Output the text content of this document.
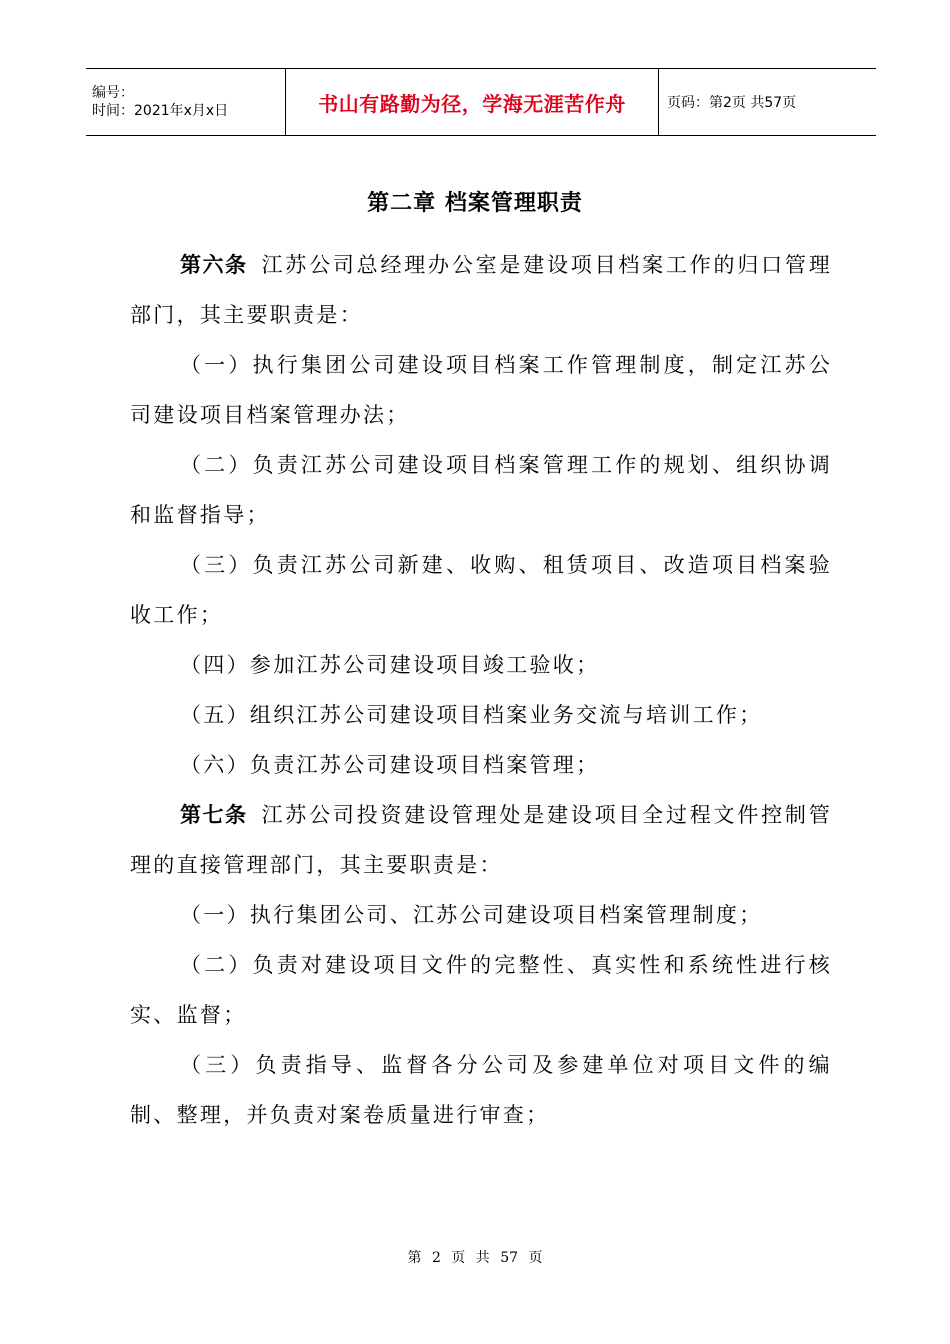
编号：
时间：2021年x月x日	书山有路勤为径，学海无涯苦作舟	页码：第2页 共57页
第二章 档案管理职责

第六条 江苏公司总经理办公室是建设项目档案工作的归口管理部门，其主要职责是：

（一）执行集团公司建设项目档案工作管理制度，制定江苏公司建设项目档案管理办法；

（二）负责江苏公司建设项目档案管理工作的规划、组织协调和监督指导；

（三）负责江苏公司新建、收购、租赁项目、改造项目档案验收工作；

（四）参加江苏公司建设项目竣工验收；

（五）组织江苏公司建设项目档案业务交流与培训工作；

（六）负责江苏公司建设项目档案管理；

第七条 江苏公司投资建设管理处是建设项目全过程文件控制管理的直接管理部门，其主要职责是：

（一）执行集团公司、江苏公司建设项目档案管理制度；

（二）负责对建设项目文件的完整性、真实性和系统性进行核实、监督；

（三）负责指导、监督各分公司及参建单位对项目文件的编制、整理，并负责对案卷质量进行审查；

第 2 页 共 57 页
